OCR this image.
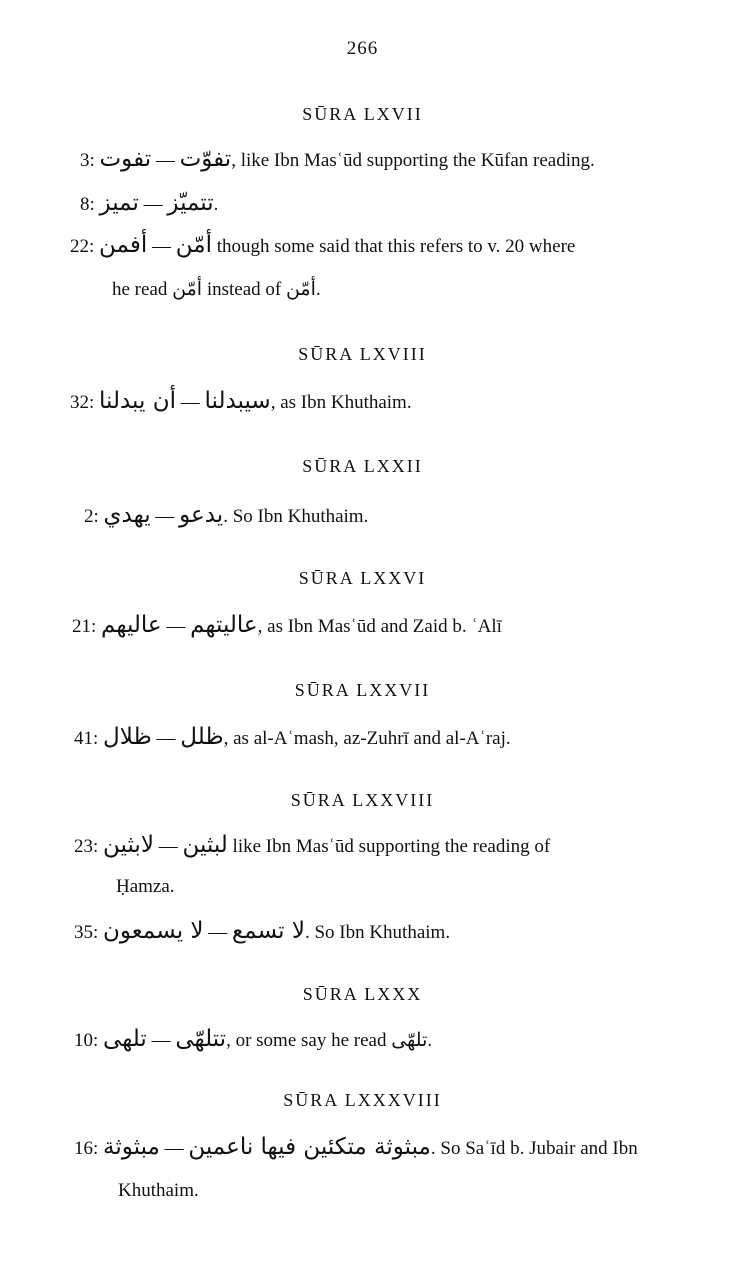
266
SŪRA LXVII
3: تفوت — تفوّت, like Ibn Masʿūd supporting the Kūfan reading.
8: تميز — تتميّز.
22: أفمن — أمّن though some said that this refers to v. 20 where
he read أمّن instead of أمّن.
SŪRA LXVIII
32: أن يبدلنا — سيبدلنا, as Ibn Khuthaim.
SŪRA LXXII
2: يهدي — يدعو. So Ibn Khuthaim.
SŪRA LXXVI
21: عاليهم — عاليتهم, as Ibn Masʿūd and Zaid b. ʿAlī
SŪRA LXXVII
41: ظلال — ظلل, as al-Aʿmash, az-Zuhrī and al-Aʿraj.
SŪRA LXXVIII
23: لابثين — لبثين like Ibn Masʿūd supporting the reading of
Ḥamza.
35: لا يسمعون — لا تسمع. So Ibn Khuthaim.
SŪRA LXXX
10: تلهى — تتلهّى, or some say he read تلهّى.
SŪRA LXXXVIII
16: مبثوثة — مبثوثة متكئين فيها ناعمين. So Saʿīd b. Jubair and Ibn
Khuthaim.
